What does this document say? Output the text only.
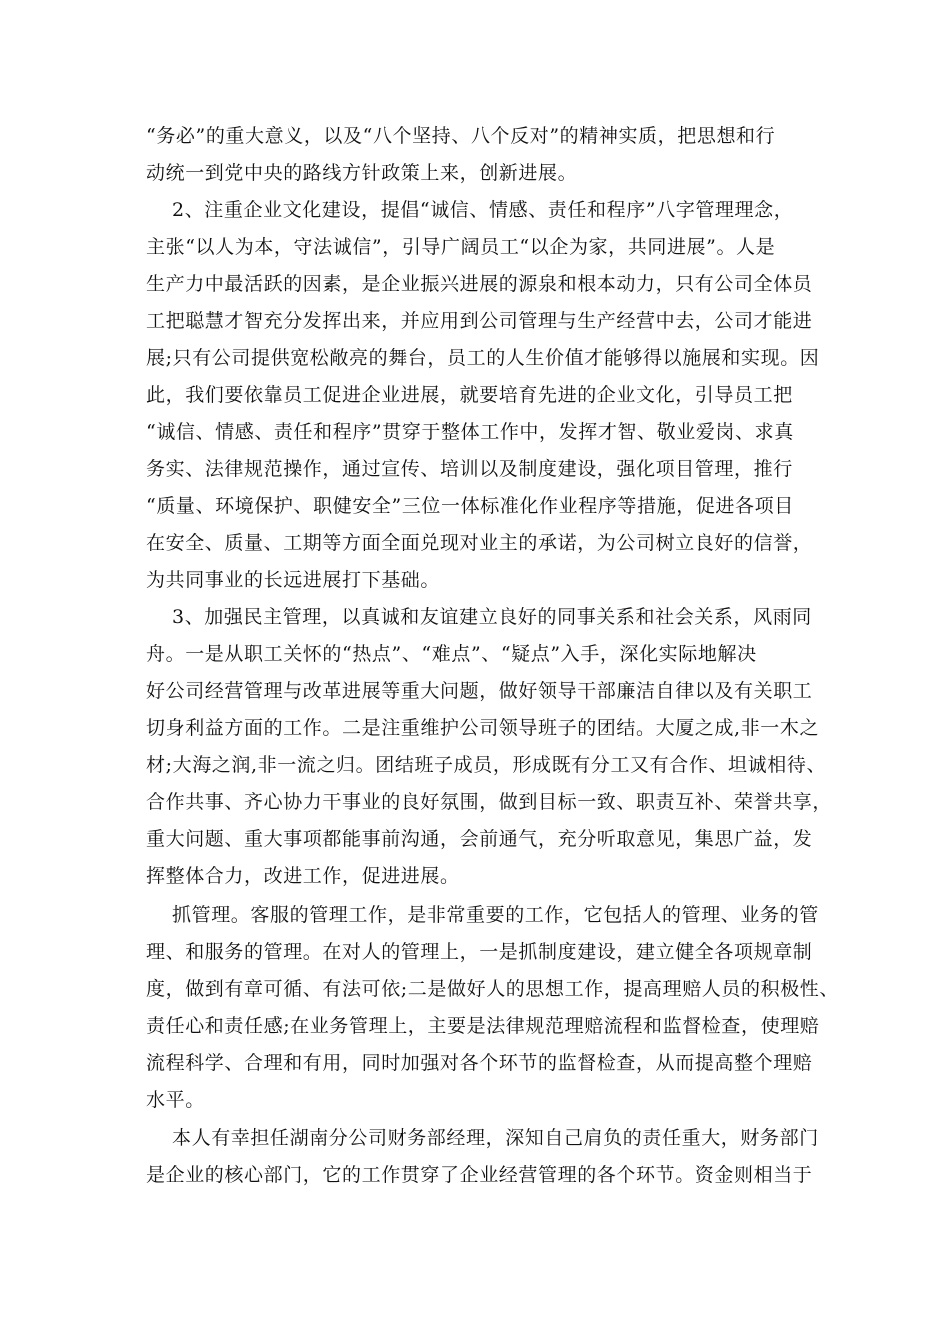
“务必”的重大意义，以及“八个坚持、八个反对”的精神实质，把思想和行
动统一到党中央的路线方针政策上来，创新进展。
2、注重企业文化建设，提倡“诚信、情感、责任和程序”八字管理理念，
主张“以人为本，守法诚信”，引导广阔员工“以企为家，共同进展”。人是
生产力中最活跃的因素，是企业振兴进展的源泉和根本动力，只有公司全体员
工把聪慧才智充分发挥出来，并应用到公司管理与生产经营中去，公司才能进
展;只有公司提供宽松敞亮的舞台，员工的人生价值才能够得以施展和实现。因
此，我们要依靠员工促进企业进展，就要培育先进的企业文化，引导员工把
“诚信、情感、责任和程序”贯穿于整体工作中，发挥才智、敬业爱岗、求真
务实、法律规范操作，通过宣传、培训以及制度建设，强化项目管理，推行
“质量、环境保护、职健安全”三位一体标准化作业程序等措施，促进各项目
在安全、质量、工期等方面全面兑现对业主的承诺，为公司树立良好的信誉，
为共同事业的长远进展打下基础。
3、加强民主管理，以真诚和友谊建立良好的同事关系和社会关系，风雨同
舟。一是从职工关怀的“热点”、“难点”、“疑点”入手，深化实际地解决
好公司经营管理与改革进展等重大问题，做好领导干部廉洁自律以及有关职工
切身利益方面的工作。二是注重维护公司领导班子的团结。大厦之成,非一木之
材;大海之润,非一流之归。团结班子成员，形成既有分工又有合作、坦诚相待、
合作共事、齐心协力干事业的良好氛围，做到目标一致、职责互补、荣誉共享，
重大问题、重大事项都能事前沟通，会前通气，充分听取意见，集思广益，发
挥整体合力，改进工作，促进进展。
抓管理。客服的管理工作，是非常重要的工作，它包括人的管理、业务的管
理、和服务的管理。在对人的管理上，一是抓制度建设，建立健全各项规章制
度，做到有章可循、有法可依;二是做好人的思想工作，提高理赔人员的积极性、
责任心和责任感;在业务管理上，主要是法律规范理赔流程和监督检查，使理赔
流程科学、合理和有用，同时加强对各个环节的监督检查，从而提高整个理赔
水平。
本人有幸担任湖南分公司财务部经理，深知自己肩负的责任重大，财务部门
是企业的核心部门，它的工作贯穿了企业经营管理的各个环节。资金则相当于
